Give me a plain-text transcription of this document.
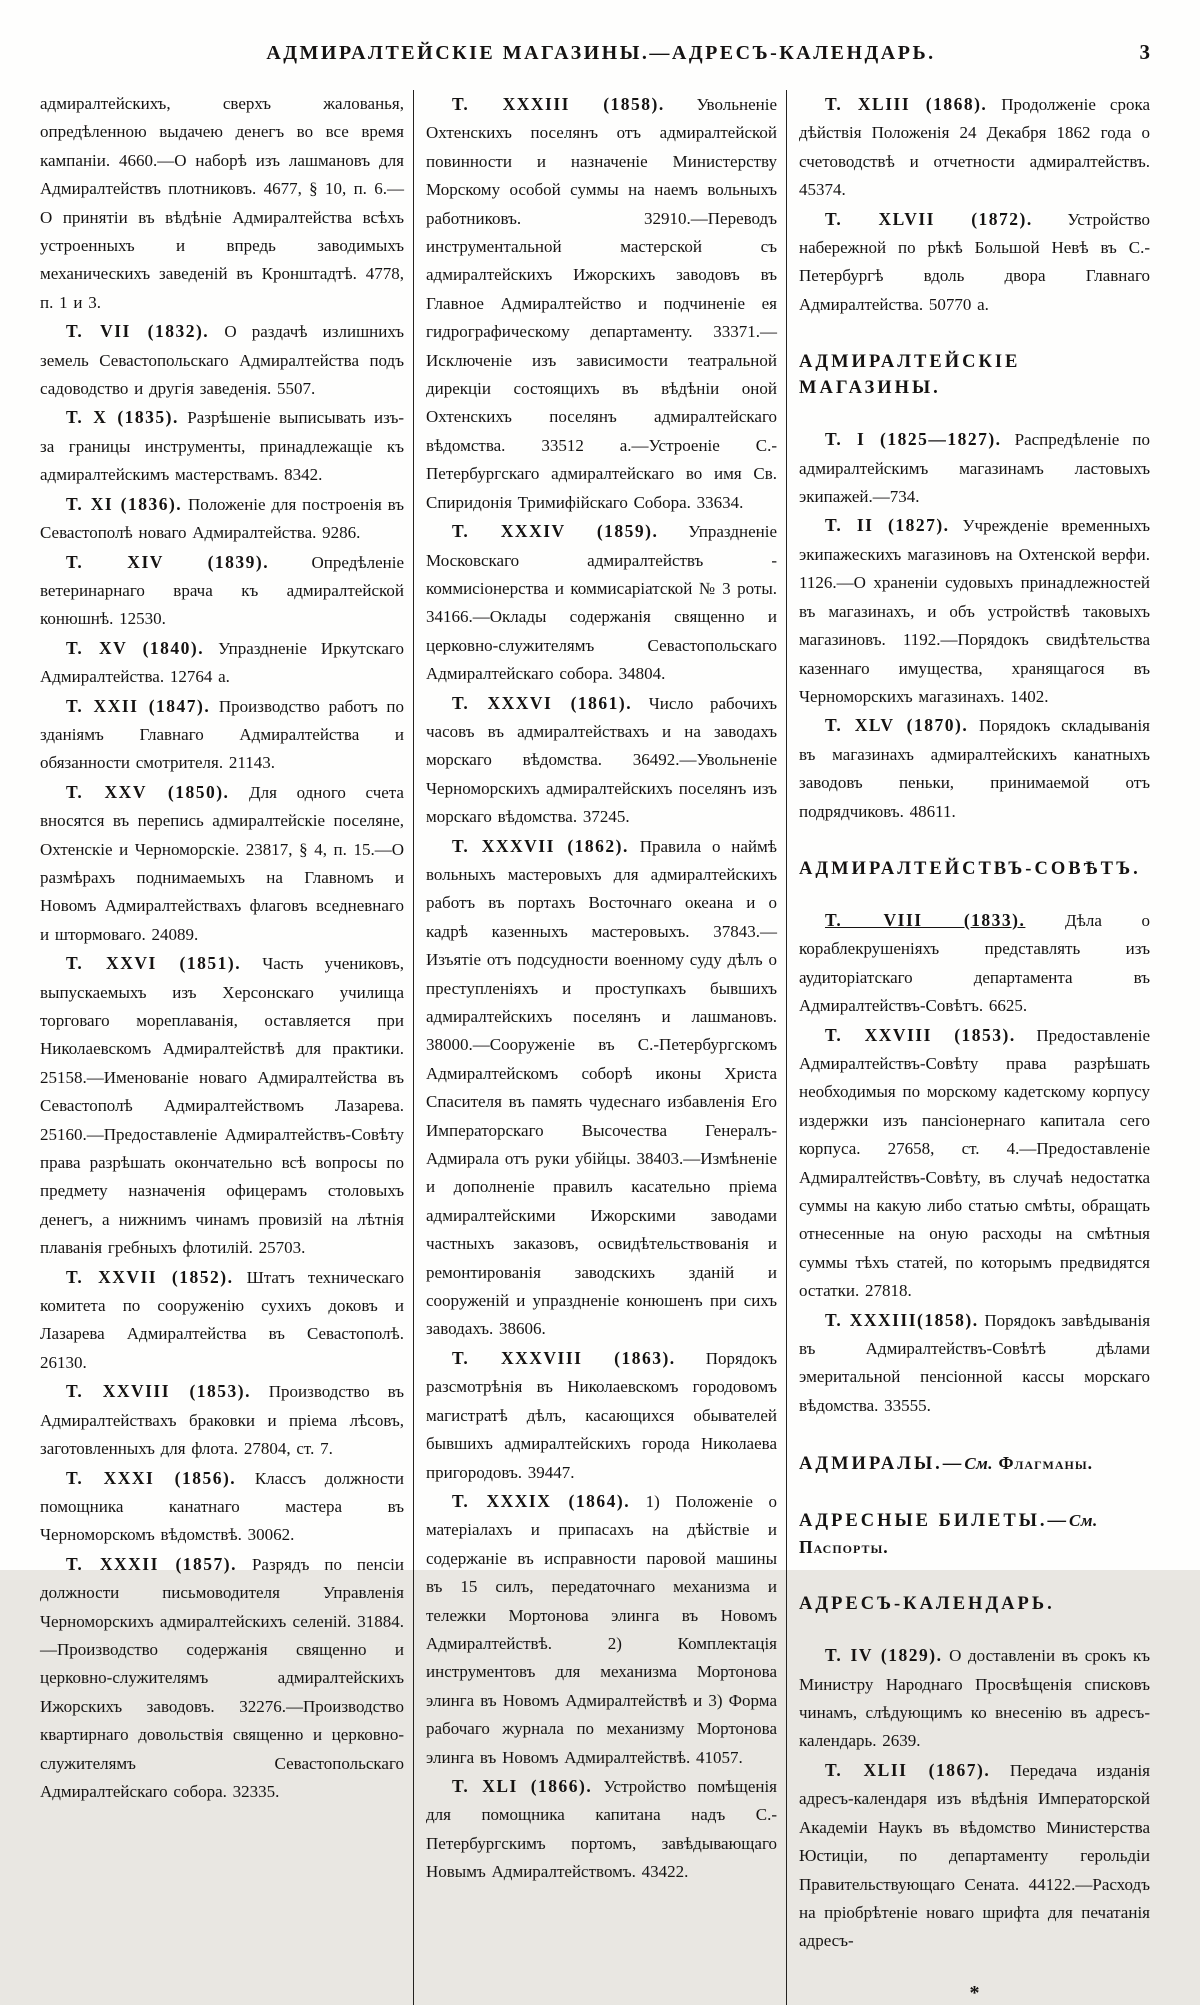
АДМИРАЛТЕЙСКІЕ МАГАЗИНЫ.—АДРЕСЪ-КАЛЕНДАРЬ.	3

адмиралтейскихъ, сверхъ жалованья, опредѣленною выдачею денегъ во все время кампаніи. 4660.—О наборѣ изъ лашмановъ для Адмиралтействъ плотниковъ. 4677, § 10, п. 6.—О принятіи въ вѣдѣніе Адмиралтейства всѣхъ устроенныхъ и впредь заводимыхъ механическихъ заведеній въ Кронштадтѣ. 4778, п. 1 и 3.

Т. VII (1832). О раздачѣ излишнихъ земель Севастопольскаго Адмиралтейства подъ садоводство и другія заведенія. 5507.

Т. X (1835). Разрѣшеніе выписывать изъ-за границы инструменты, принадлежащіе къ адмиралтейскимъ мастерствамъ. 8342.

Т. XI (1836). Положеніе для построенія въ Севастополѣ новаго Адмиралтейства. 9286.

Т. XIV (1839). Опредѣленіе ветеринарнаго врача къ адмиралтейской конюшнѣ. 12530.

Т. XV (1840). Упраздненіе Иркутскаго Адмиралтейства. 12764 а.

Т. XXII (1847). Производство работъ по зданіямъ Главнаго Адмиралтейства и обязанности смотрителя. 21143.

Т. XXV (1850). Для одного счета вносятся въ перепись адмиралтейскіе поселяне, Охтенскіе и Черноморскіе. 23817, § 4, п. 15.—О размѣрахъ поднимаемыхъ на Главномъ и Новомъ Адмиралтействахъ флаговъ вседневнаго и штормоваго. 24089.

Т. XXVI (1851). Часть учениковъ, выпускаемыхъ изъ Херсонскаго училища торговаго мореплаванія, оставляется при Николаевскомъ Адмиралтействѣ для практики. 25158.—Именованіе новаго Адмиралтейства въ Севастополѣ Адмиралтействомъ Лазарева. 25160.—Предоставленіе Адмиралтействъ-Совѣту права разрѣшать окончательно всѣ вопросы по предмету назначенія офицерамъ столовыхъ денегъ, а нижнимъ чинамъ провизій на лѣтнія плаванія гребныхъ флотилій. 25703.

Т. XXVII (1852). Штатъ техническаго комитета по сооруженію сухихъ доковъ и Лазарева Адмиралтейства въ Севастополѣ. 26130.

Т. XXVIII (1853). Производство въ Адмиралтействахъ браковки и пріема лѣсовъ, заготовленныхъ для флота. 27804, ст. 7.

Т. XXXI (1856). Классъ должности помощника канатнаго мастера въ Черноморскомъ вѣдомствѣ. 30062.

Т. XXXII (1857). Разрядъ по пенсіи должности письмоводителя Управленія Черноморскихъ адмиралтейскихъ селеній. 31884.—Производство содержанія священно и церковно-служителямъ адмиралтейскихъ Ижорскихъ заводовъ. 32276.—Производство квартирнаго довольствія священно и церковно-служителямъ Севастопольскаго Адмиралтейскаго собора. 32335.

Т. XXXIII (1858). Увольненіе Охтенскихъ поселянъ отъ адмиралтейской повинности и назначеніе Министерству Морскому особой суммы на наемъ вольныхъ работниковъ. 32910.—Переводъ инструментальной мастерской съ адмиралтейскихъ Ижорскихъ заводовъ въ Главное Адмиралтейство и подчиненіе ея гидрографическому департаменту. 33371.—Исключеніе изъ зависимости театральной дирекціи состоящихъ въ вѣдѣніи оной Охтенскихъ поселянъ адмиралтейскаго вѣдомства. 33512 а.—Устроеніе С.-Петербургскаго адмиралтейскаго во имя Св. Спиридонія Тримифійскаго Собора. 33634.

Т. XXXIV (1859). Упраздненіе Московскаго адмиралтействъ - коммисіонерства и коммисаріатской № 3 роты. 34166.—Оклады содержанія священно и церковно-служителямъ Севастопольскаго Адмиралтейскаго собора. 34804.

Т. XXXVI (1861). Число рабочихъ часовъ въ адмиралтействахъ и на заводахъ морскаго вѣдомства. 36492.—Увольненіе Черноморскихъ адмиралтейскихъ поселянъ изъ морскаго вѣдомства. 37245.

Т. XXXVII (1862). Правила о наймѣ вольныхъ мастеровыхъ для адмиралтейскихъ работъ въ портахъ Восточнаго океана и о кадрѣ казенныхъ мастеровыхъ. 37843.—Изъятіе отъ подсудности военному суду дѣлъ о преступленіяхъ и проступкахъ бывшихъ адмиралтейскихъ поселянъ и лашмановъ. 38000.—Сооруженіе въ С.-Петербургскомъ Адмиралтейскомъ соборѣ иконы Христа Спасителя въ память чудеснаго избавленія Его Императорскаго Высочества Генералъ-Адмирала отъ руки убійцы. 38403.—Измѣненіе и дополненіе правилъ касательно пріема адмиралтейскими Ижорскими заводами частныхъ заказовъ, освидѣтельствованія и ремонтированія заводскихъ зданій и сооруженій и упраздненіе конюшенъ при сихъ заводахъ. 38606.

Т. XXXVIII (1863). Порядокъ разсмотрѣнія въ Николаевскомъ городовомъ магистратѣ дѣлъ, касающихся обывателей бывшихъ адмиралтейскихъ города Николаева пригородовъ. 39447.

Т. XXXIX (1864). 1) Положеніе о матеріалахъ и припасахъ на дѣйствіе и содержаніе въ исправности паровой машины въ 15 силъ, передаточнаго механизма и тележки Мортонова элинга въ Новомъ Адмиралтействѣ. 2) Комплектація инструментовъ для механизма Мортонова элинга въ Новомъ Адмиралтействѣ и 3) Форма рабочаго журнала по механизму Мортонова элинга въ Новомъ Адмиралтействѣ. 41057.

Т. XLI (1866). Устройство помѣщенія для помощника капитана надъ С.-Петербургскимъ портомъ, завѣдывающаго Новымъ Адмиралтействомъ. 43422.

Т. XLIII (1868). Продолженіе срока дѣйствія Положенія 24 Декабря 1862 года о счетоводствѣ и отчетности адмиралтействъ. 45374.

Т. XLVII (1872). Устройство набережной по рѣкѣ Большой Невѣ въ С.-Петербургѣ вдоль двора Главнаго Адмиралтейства. 50770 а.

АДМИРАЛТЕЙСКІЕ МАГАЗИНЫ.

Т. I (1825—1827). Распредѣленіе по адмиралтейскимъ магазинамъ ластовыхъ экипажей.—734.

Т. II (1827). Учрежденіе временныхъ экипажескихъ магазиновъ на Охтенской верфи. 1126.—О храненіи судовыхъ принадлежностей въ магазинахъ, и объ устройствѣ таковыхъ магазиновъ. 1192.—Порядокъ свидѣтельства казеннаго имущества, хранящагося въ Черноморскихъ магазинахъ. 1402.

Т. XLV (1870). Порядокъ складыванія въ магазинахъ адмиралтейскихъ канатныхъ заводовъ пеньки, принимаемой отъ подрядчиковъ. 48611.

АДМИРАЛТЕЙСТВЪ-СОВѢТЪ.

Т. VIII (1833). Дѣла о кораблекрушеніяхъ представлять изъ аудиторіатскаго департамента въ Адмиралтействъ-Совѣтъ. 6625.

Т. XXVIII (1853). Предоставленіе Адмиралтействъ-Совѣту права разрѣшать необходимыя по морскому кадетскому корпусу издержки изъ пансіонернаго капитала сего корпуса. 27658, ст. 4.—Предоставленіе Адмиралтействъ-Совѣту, въ случаѣ недостатка суммы на какую либо статью смѣты, обращать отнесенные на оную расходы на смѣтныя суммы тѣхъ статей, по которымъ предвидятся остатки. 27818.

Т. XXXIII(1858). Порядокъ завѣдыванія въ Адмиралтействъ-Совѣтѣ дѣлами эмеритальной пенсіонной кассы морскаго вѣдомства. 33555.

АДМИРАЛЫ.—См. Флагманы.
АДРЕСНЫЕ БИЛЕТЫ.—См. Паспорты.
АДРЕСЪ-КАЛЕНДАРЬ.

Т. IV (1829). О доставленіи въ срокъ къ Министру Народнаго Просвѣщенія списковъ чинамъ, слѣдующимъ ко внесенію въ адресъ-календарь. 2639.

Т. XLII (1867). Передача изданія адресъ-календаря изъ вѣдѣнія Императорской Академіи Наукъ въ вѣдомство Министерства Юстиціи, по департаменту герольдіи Правительствующаго Сената. 44122.—Расходъ на пріобрѣтеніе новаго шрифта для печатанія адресъ-

*
